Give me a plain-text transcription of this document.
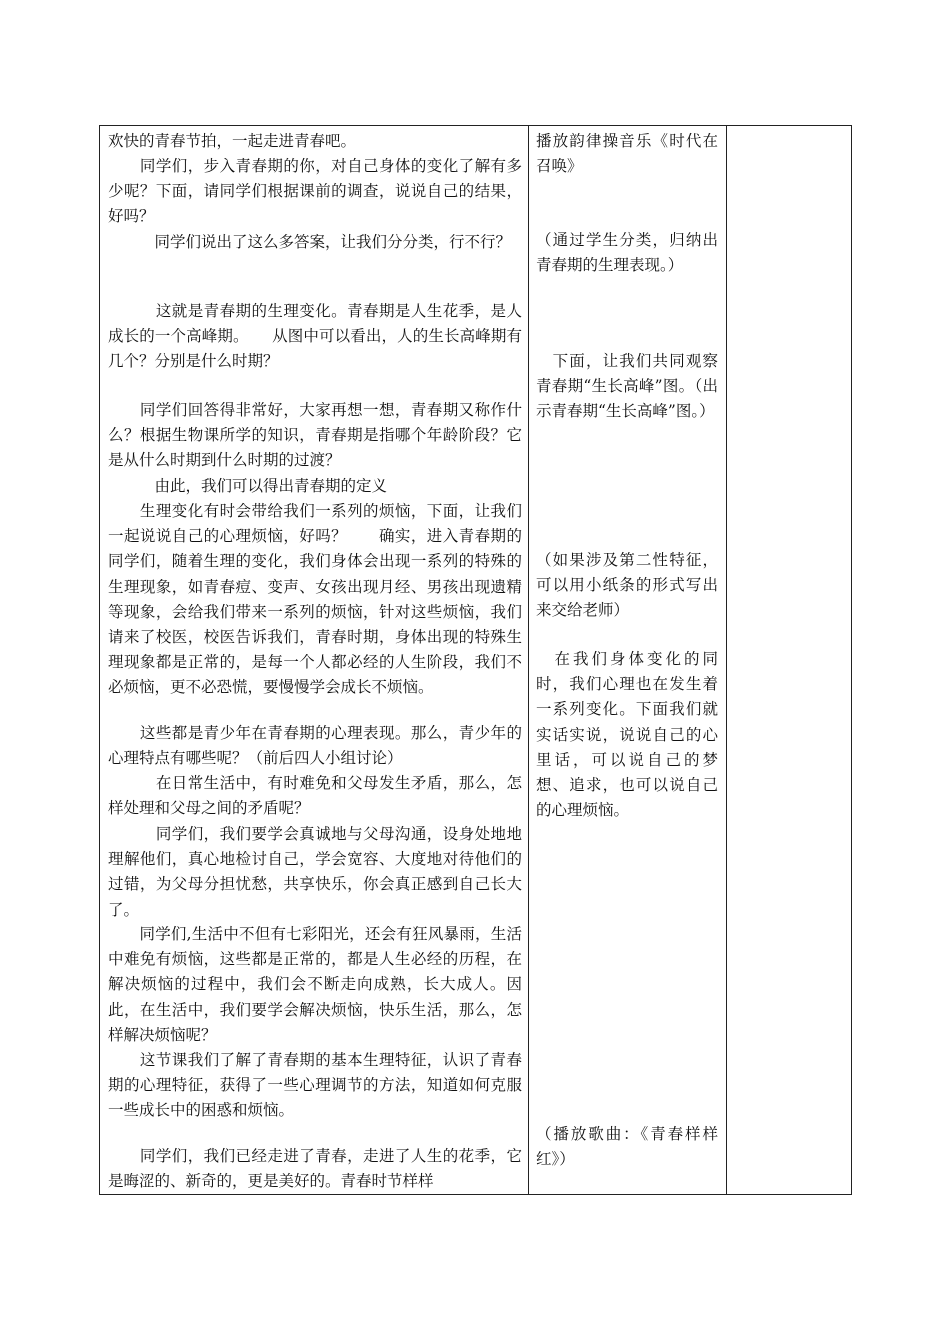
欢快的青春节拍，一起走进青春吧。

　　同学们，步入青春期的你，对自己身体的变化了解有多少呢？下面，请同学们根据课前的调查，说说自己的结果，好吗？

　　　同学们说出了这么多答案，让我们分分类，行不行？

　　　这就是青春期的生理变化。青春期是人生花季，是人成长的一个高峰期。　　从图中可以看出，人的生长高峰期有几个？分别是什么时期？

　　同学们回答得非常好，大家再想一想，青春期又称作什么？根据生物课所学的知识，青春期是指哪个年龄阶段？它是从什么时期到什么时期的过渡？

　　　由此，我们可以得出青春期的定义

　　生理变化有时会带给我们一系列的烦恼，下面，让我们一起说说自己的心理烦恼，好吗？　　确实，进入青春期的同学们，随着生理的变化，我们身体会出现一系列的特殊的生理现象，如青春痘、变声、女孩出现月经、男孩出现遗精等现象，会给我们带来一系列的烦恼，针对这些烦恼，我们请来了校医，校医告诉我们，青春时期，身体出现的特殊生理现象都是正常的，是每一个人都必经的人生阶段，我们不必烦恼，更不必恐慌，要慢慢学会成长不烦恼。

　　这些都是青少年在青春期的心理表现。那么，青少年的心理特点有哪些呢？（前后四人小组讨论）

　　　在日常生活中，有时难免和父母发生矛盾，那么，怎样处理和父母之间的矛盾呢？

　　　同学们，我们要学会真诚地与父母沟通，设身处地地理解他们，真心地检讨自己，学会宽容、大度地对待他们的过错，为父母分担忧愁，共享快乐，你会真正感到自己长大了。

　　同学们,生活中不但有七彩阳光，还会有狂风暴雨，生活中难免有烦恼，这些都是正常的，都是人生必经的历程，在解决烦恼的过程中，我们会不断走向成熟，长大成人。因此，在生活中，我们要学会解决烦恼，快乐生活，那么，怎样解决烦恼呢？

　　这节课我们了解了青春期的基本生理特征，认识了青春期的心理特征，获得了一些心理调节的方法，知道如何克服一些成长中的困惑和烦恼。

　　同学们，我们已经走进了青春，走进了人生的花季，它是晦涩的、新奇的，更是美好的。青春时节样样

播放韵律操音乐《时代在召唤》

（通过学生分类，归纳出青春期的生理表现。）

　下面，让我们共同观察青春期“生长高峰”图。（出示青春期“生长高峰”图。）

（如果涉及第二性特征，可以用小纸条的形式写出来交给老师）

　在我们身体变化的同时，我们心理也在发生着一系列变化。下面我们就实话实说，说说自己的心里话，可以说自己的梦想、追求，也可以说自己的心理烦恼。

（播放歌曲：《青春样样红》）
